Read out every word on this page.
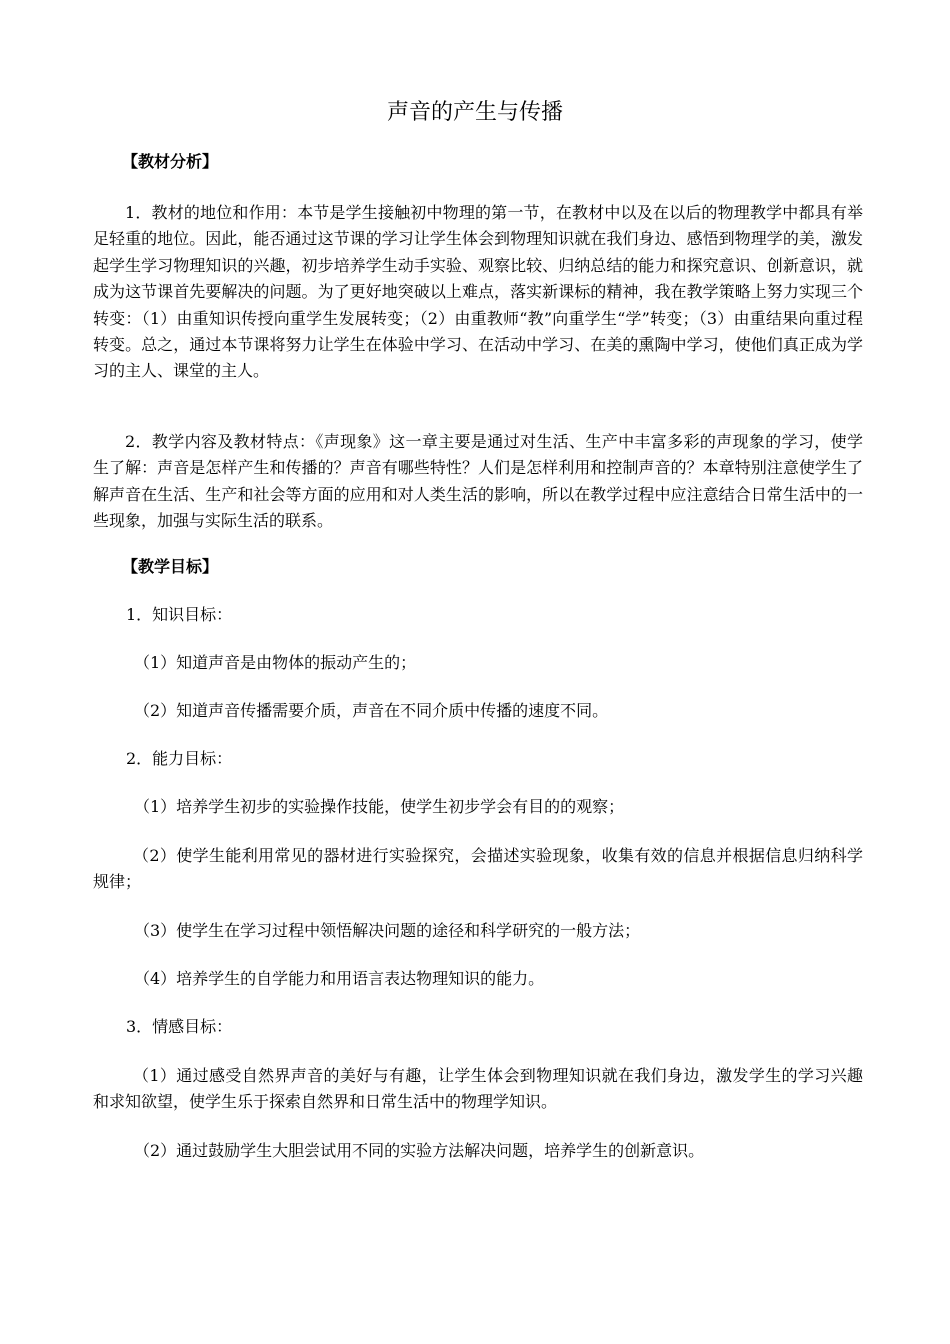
声音的产生与传播
【教材分析】

1．教材的地位和作用：本节是学生接触初中物理的第一节，在教材中以及在以后的物理教学中都具有举足轻重的地位。因此，能否通过这节课的学习让学生体会到物理知识就在我们身边、感悟到物理学的美，激发起学生学习物理知识的兴趣，初步培养学生动手实验、观察比较、归纳总结的能力和探究意识、创新意识，就成为这节课首先要解决的问题。为了更好地突破以上难点，落实新课标的精神，我在教学策略上努力实现三个转变：（1）由重知识传授向重学生发展转变；（2）由重教师“教”向重学生“学”转变；（3）由重结果向重过程转变。总之，通过本节课将努力让学生在体验中学习、在活动中学习、在美的熏陶中学习，使他们真正成为学习的主人、课堂的主人。

2．教学内容及教材特点：《声现象》这一章主要是通过对生活、生产中丰富多彩的声现象的学习，使学生了解：声音是怎样产生和传播的？声音有哪些特性？人们是怎样利用和控制声音的？本章特别注意使学生了解声音在生活、生产和社会等方面的应用和对人类生活的影响，所以在教学过程中应注意结合日常生活中的一些现象，加强与实际生活的联系。

【教学目标】
1．知识目标：
（1）知道声音是由物体的振动产生的；
（2）知道声音传播需要介质，声音在不同介质中传播的速度不同。
2．能力目标：
（1）培养学生初步的实验操作技能，使学生初步学会有目的的观察；

（2）使学生能利用常见的器材进行实验探究，会描述实验现象，收集有效的信息并根据信息归纳科学规律；

（3）使学生在学习过程中领悟解决问题的途径和科学研究的一般方法；
（4）培养学生的自学能力和用语言表达物理知识的能力。
3．情感目标：

（1）通过感受自然界声音的美好与有趣，让学生体会到物理知识就在我们身边，激发学生的学习兴趣和求知欲望，使学生乐于探索自然界和日常生活中的物理学知识。

（2）通过鼓励学生大胆尝试用不同的实验方法解决问题，培养学生的创新意识。
